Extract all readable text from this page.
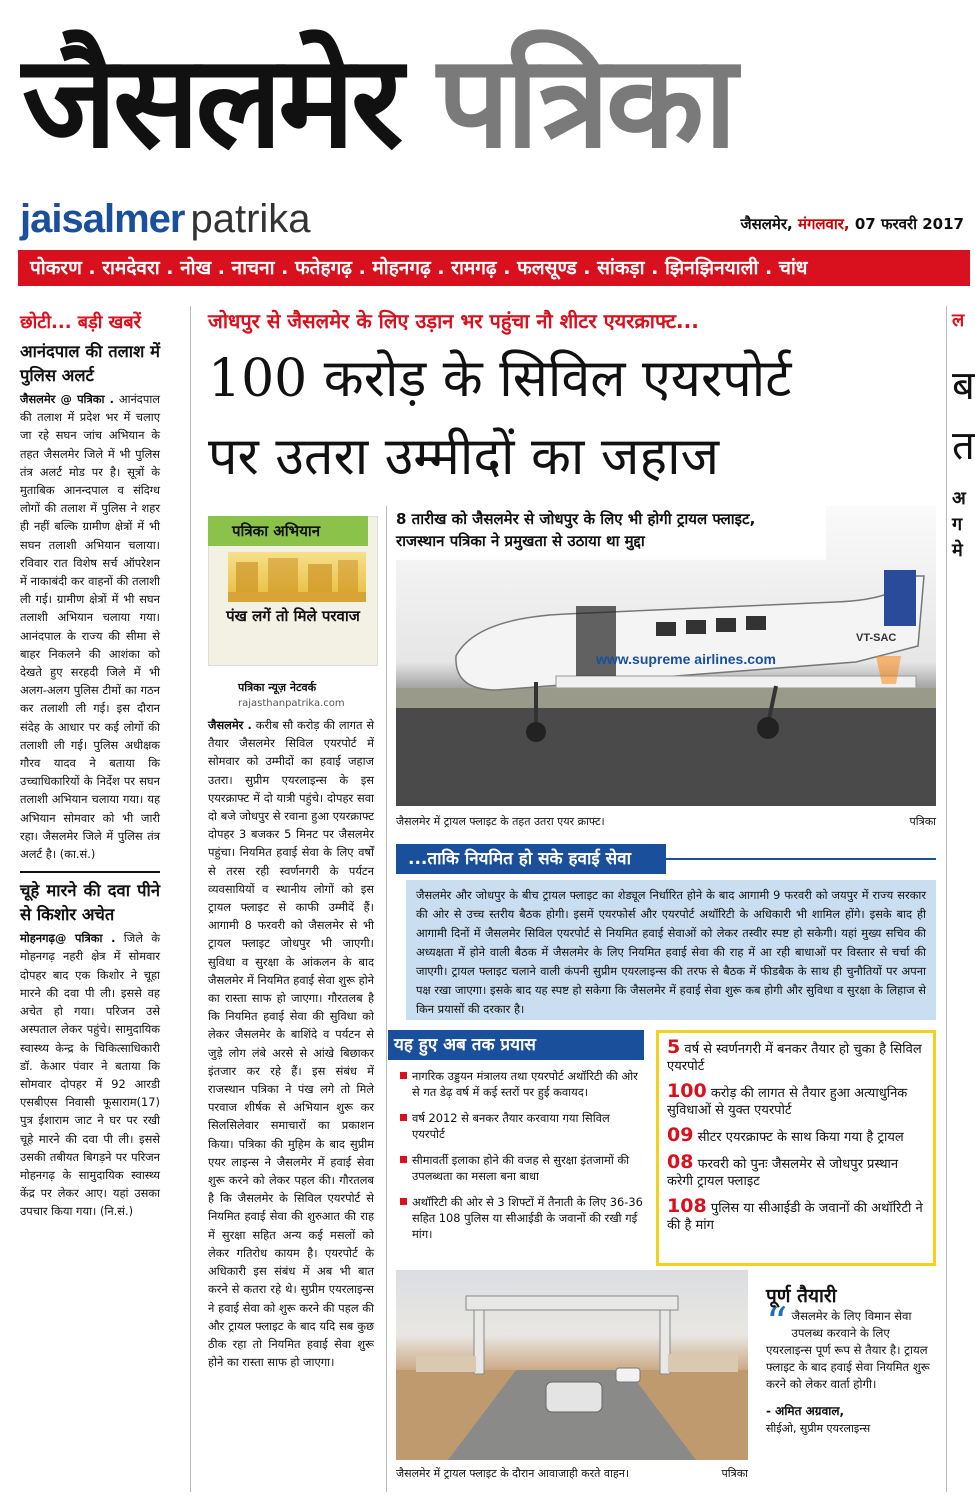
जैसलमेर पत्रिका
jaisalmer patrika	जैसलमेर, मंगलवार, 07 फरवरी 2017
पोकरण . रामदेवरा . नोख . नाचना . फतेहगढ़ . मोहनगढ़ . रामगढ़ . फलसूण्ड . सांकड़ा . झिनझिनयाली . चांध
छोटी... बड़ी खबरें
आनंदपाल की तलाश में पुलिस अलर्ट
जैसलमेर @ पत्रिका . आनंदपाल की तलाश में प्रदेश भर में चलाए जा रहे सघन जांच अभियान के तहत जैसलमेर जिले में भी पुलिस तंत्र अलर्ट मोड पर है। सूत्रों के मुताबिक आनन्दपाल व संदिग्ध लोगों की तलाश में पुलिस ने शहर ही नहीं बल्कि ग्रामीण क्षेत्रों में भी सघन तलाशी अभियान चलाया। रविवार रात विशेष सर्च ऑपरेशन में नाकाबंदी कर वाहनों की तलाशी ली गई। ग्रामीण क्षेत्रों में भी सघन तलाशी अभियान चलाया गया। आनंदपाल के राज्य की सीमा से बाहर निकलने की आशंका को देखते हुए सरहदी जिले में भी अलग-अलग पुलिस टीमों का गठन कर तलाशी ली गई। इस दौरान संदेह के आधार पर कई लोगों की तलाशी ली गई। पुलिस अधीक्षक गौरव यादव ने बताया कि उच्चाधिकारियों के निर्देश पर सघन तलाशी अभियान चलाया गया। यह अभियान सोमवार को भी जारी रहा। जैसलमेर जिले में पुलिस तंत्र अलर्ट है। (का.सं.)
चूहे मारने की दवा पीने से किशोर अचेत
मोहनगढ़@ पत्रिका . जिले के मोहनगढ़ नहरी क्षेत्र में सोमवार दोपहर बाद एक किशोर ने चूहा मारने की दवा पी ली। इससे वह अचेत हो गया। परिजन उसे अस्पताल लेकर पहुंचे। सामुदायिक स्वास्थ्य केन्द्र के चिकित्साधिकारी डॉ. केआर पंवार ने बताया कि सोमवार दोपहर में 92 आरडी एसबीएस निवासी फूसाराम(17) पुत्र ईशाराम जाट ने घर पर रखी चूहे मारने की दवा पी ली। इससे उसकी तबीयत बिगड़ने पर परिजन मोहनगढ़ के सामुदायिक स्वास्थ्य केंद्र पर लेकर आए। यहां उसका उपचार किया गया। (नि.सं.)
जोधपुर से जैसलमेर के लिए उड़ान भर पहुंचा नौ शीटर एयरक्राफ्ट...
100 करोड़ के सिविल एयरपोर्ट
पर उतरा उम्मीदों का जहाज
पत्रिका अभियान
पंख लगें तो मिले परवाज
पत्रिका न्यूज़ नेटवर्क
rajasthanpatrika.com
जैसलमेर . करीब सौ करोड़ की लागत से तैयार जैसलमेर सिविल एयरपोर्ट में सोमवार को उम्मीदों का हवाई जहाज उतरा। सुप्रीम एयरलाइन्स के इस एयरक्राफ्ट में दो यात्री पहुंचे। दोपहर सवा दो बजे जोधपुर से रवाना हुआ एयरक्राफ्ट दोपहर 3 बजकर 5 मिनट पर जैसलमेर पहुंचा। नियमित हवाई सेवा के लिए वर्षों से तरस रही स्वर्णनगरी के पर्यटन व्यवसायियों व स्थानीय लोगों को इस ट्रायल फ्लाइट से काफी उम्मीदें हैं। आगामी 8 फरवरी को जैसलमेर से भी ट्रायल फ्लाइट जोधपुर भी जाएगी। सुविधा व सुरक्षा के आंकलन के बाद जैसलमेर में नियमित हवाई सेवा शुरू होने का रास्ता साफ हो जाएगा। गौरतलब है कि नियमित हवाई सेवा की सुविधा को लेकर जैसलमेर के बाशिंदे व पर्यटन से जुड़े लोग लंबे अरसे से आंखे बिछाकर इंतजार कर रहे हैं। इस संबंध में राजस्थान पत्रिका ने पंख लगे तो मिले परवाज शीर्षक से अभियान शुरू कर सिलसिलेवार समाचारों का प्रकाशन किया। पत्रिका की मुहिम के बाद सुप्रीम एयर लाइन्स ने जैसलमेर में हवाई सेवा शुरू करने को लेकर पहल की। गौरतलब है कि जैसलमेर के सिविल एयरपोर्ट से नियमित हवाई सेवा की शुरुआत की राह में सुरक्षा सहित अन्य कई मसलों को लेकर गतिरोध कायम है। एयरपोर्ट के अधिकारी इस संबंध में अब भी बात करने से कतरा रहे थे। सुप्रीम एयरलाइन्स ने हवाई सेवा को शुरू करने की पहल की और ट्रायल फ्लाइट के बाद यदि सब कुछ ठीक रहा तो नियमित हवाई सेवा शुरू होने का रास्ता साफ हो जाएगा।
www.supreme airlines.com
VT-SAC
8 तारीख को जैसलमेर से जोधपुर के लिए भी होगी ट्रायल फ्लाइट,
राजस्थान पत्रिका ने प्रमुखता से उठाया था मुद्दा
जैसलमेर में ट्रायल फ्लाइट के तहत उतरा एयर क्राफ्ट।	पत्रिका
...ताकि नियमित हो सके हवाई सेवा
जैसलमेर और जोधपुर के बीच ट्रायल फ्लाइट का शेड्यूल निर्धारित होने के बाद आगामी 9 फरवरी को जयपुर में राज्य सरकार की ओर से उच्च स्तरीय बैठक होगी। इसमें एयरफोर्स और एयरपोर्ट अथॉरिटी के अधिकारी भी शामिल होंगे। इसके बाद ही आगामी दिनों में जैसलमेर सिविल एयरपोर्ट से नियमित हवाई सेवाओं को लेकर तस्वीर स्पष्ट हो सकेगी। यहां मुख्य सचिव की अध्यक्षता में होने वाली बैठक में जैसलमेर के लिए नियमित हवाई सेवा की राह में आ रही बाधाओं पर विस्तार से चर्चा की जाएगी। ट्रायल फ्लाइट चलाने वाली कंपनी सुप्रीम एयरलाइन्स की तरफ से बैठक में फीडबैक के साथ ही चुनौतियों पर अपना पक्ष रखा जाएगा। इसके बाद यह स्पष्ट हो सकेगा कि जैसलमेर में हवाई सेवा शुरू कब होगी और सुविधा व सुरक्षा के लिहाज से किन प्रयासों की दरकार है।
यह हुए अब तक प्रयास
नागरिक उड्डयन मंत्रालय तथा एयरपोर्ट अथॉरिटी की ओर से गत डेढ़ वर्ष में कई स्तरों पर हुई कवायद।
वर्ष 2012 से बनकर तैयार करवाया गया सिविल एयरपोर्ट
सीमावर्ती इलाका होने की वजह से सुरक्षा इंतजामों की उपलब्धता का मसला बना बाधा
अथॉरिटी की ओर से 3 शिफ्टों में तैनाती के लिए 36-36 सहित 108 पुलिस या सीआईडी के जवानों की रखी गई मांग।
5 वर्ष से स्वर्णनगरी में बनकर तैयार हो चुका है सिविल एयरपोर्ट
100 करोड़ की लागत से तैयार हुआ अत्याधुनिक सुविधाओं से युक्त एयरपोर्ट
09 सीटर एयरक्राफ्ट के साथ किया गया है ट्रायल
08 फरवरी को पुनः जैसलमेर से जोधपुर प्रस्थान करेगी ट्रायल फ्लाइट
108 पुलिस या सीआईडी के जवानों की अथॉरिटी ने की है मांग
जैसलमेर में ट्रायल फ्लाइट के दौरान आवाजाही करते वाहन।	पत्रिका
पूर्ण तैयारी
“ जैसलमेर के लिए विमान सेवा उपलब्ध करवाने के लिए एयरलाइन्स पूर्ण रूप से तैयार है। ट्रायल फ्लाइट के बाद हवाई सेवा नियमित शुरू करने को लेकर वार्ता होगी।
- अमित अग्रवाल,
सीईओ, सुप्रीम एयरलाइन्स
ल
ब
त
अ
ग
मे
